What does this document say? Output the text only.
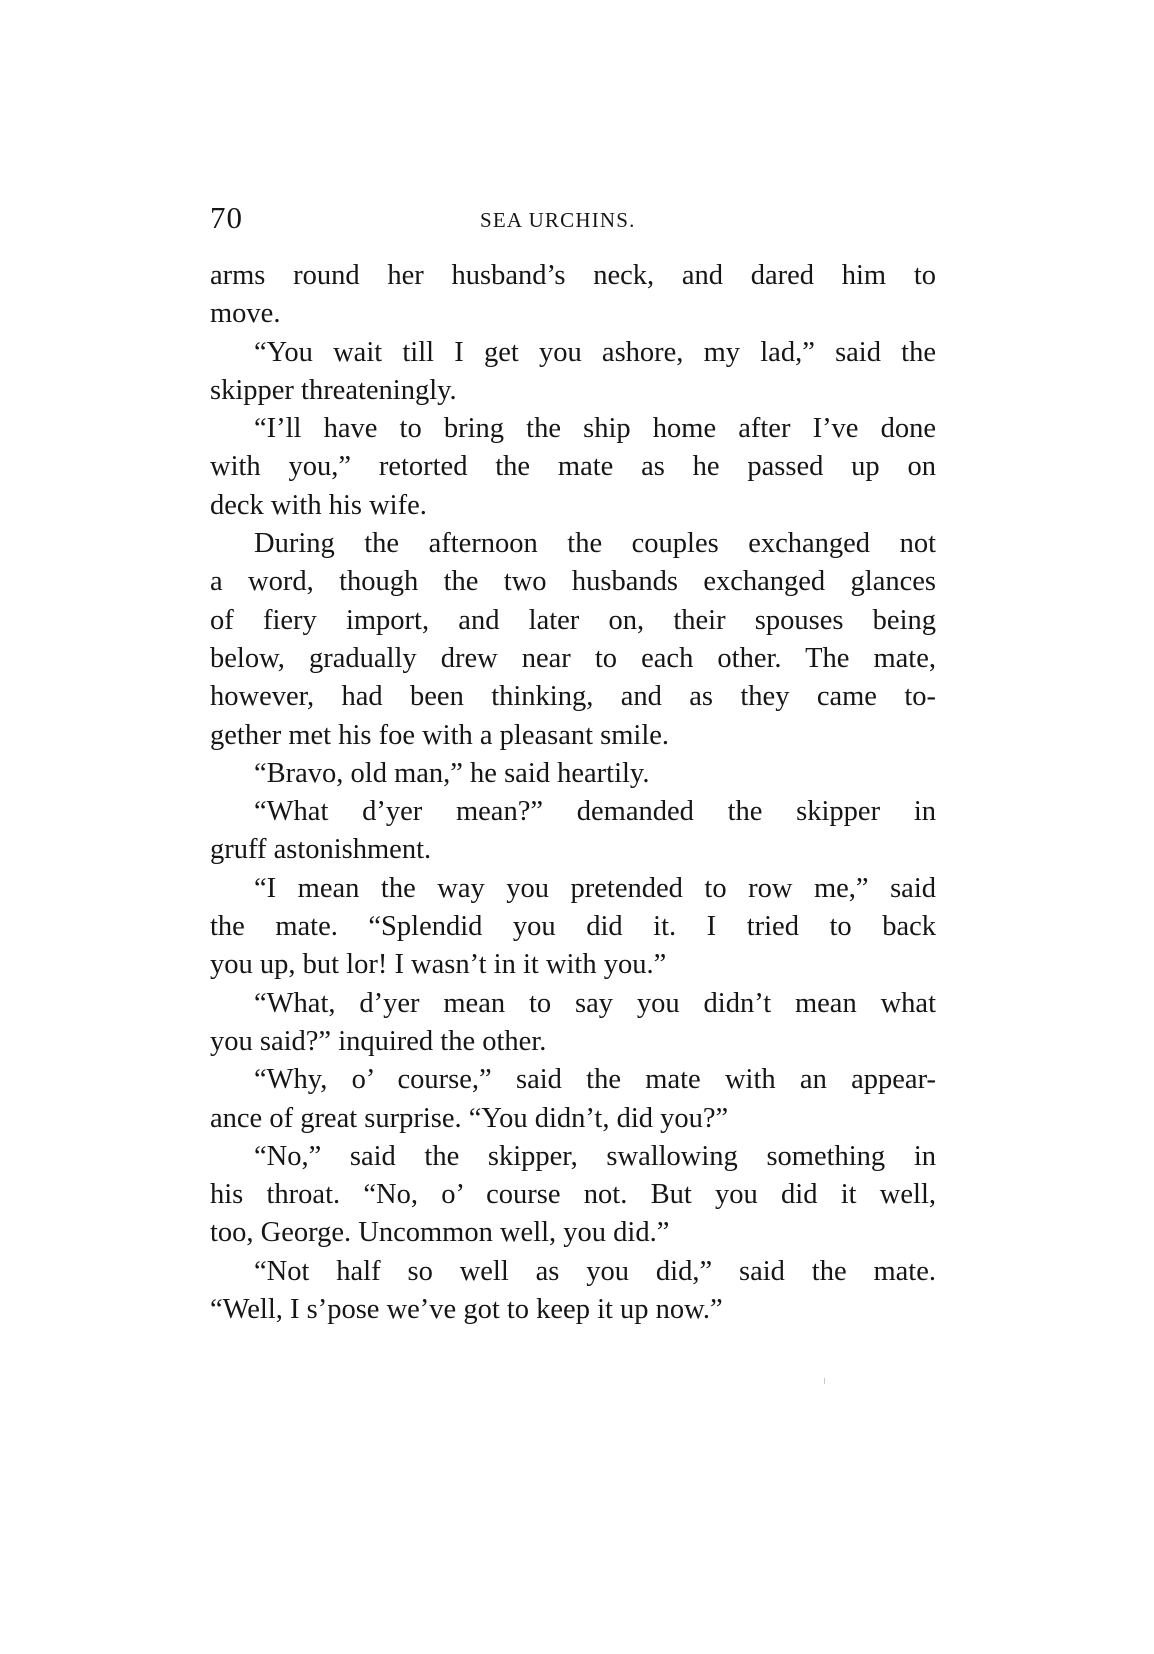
70	SEA URCHINS.
arms round her husband’s neck, and dared him to
move.
“You wait till I get you ashore, my lad,” said the
skipper threateningly.
“I’ll have to bring the ship home after I’ve done
with you,” retorted the mate as he passed up on
deck with his wife.
During the afternoon the couples exchanged not
a word, though the two husbands exchanged glances
of fiery import, and later on, their spouses being
below, gradually drew near to each other. The mate,
however, had been thinking, and as they came to-
gether met his foe with a pleasant smile.
“Bravo, old man,” he said heartily.
“What d’yer mean?” demanded the skipper in
gruff astonishment.
“I mean the way you pretended to row me,” said
the mate. “Splendid you did it. I tried to back
you up, but lor! I wasn’t in it with you.”
“What, d’yer mean to say you didn’t mean what
you said?” inquired the other.
“Why, o’ course,” said the mate with an appear-
ance of great surprise. “You didn’t, did you?”
“No,” said the skipper, swallowing something in
his throat. “No, o’ course not. But you did it well,
too, George. Uncommon well, you did.”
“Not half so well as you did,” said the mate.
“Well, I s’pose we’ve got to keep it up now.”
